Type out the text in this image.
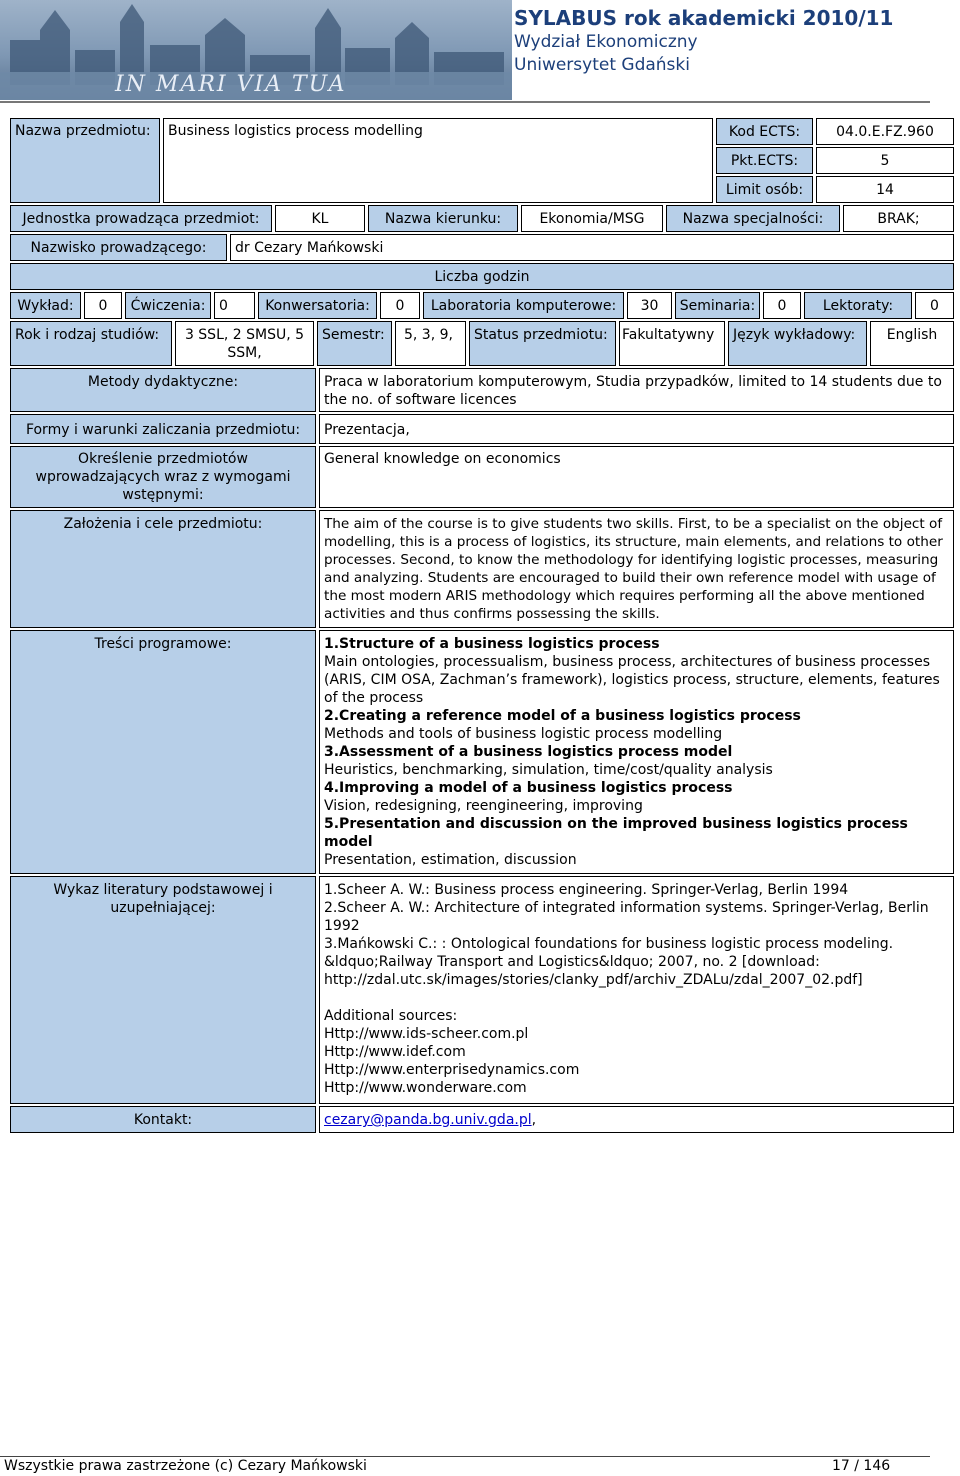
IN MARI VIA TUA
SYLABUS rok akademicki 2010/11
Wydział Ekonomiczny
Uniwersytet Gdański
Nazwa przedmiotu:	Business logistics process modelling	Kod ECTS:	04.0.E.FZ.960
Pkt.ECTS:	5
Limit osób:	14
Jednostka prowadząca przedmiot:	KL	Nazwa kierunku:	Ekonomia/MSG	Nazwa specjalności:	BRAK;
Nazwisko prowadzącego:	dr Cezary Mańkowski
Liczba godzin
Wykład:	0	Ćwiczenia: 0	Konwersatoria:	0	Laboratoria komputerowe:	30	Seminaria:	0	Lektoraty:	0
Rok i rodzaj studiów:	3 SSL, 2 SMSU, 5 SSM,
Semestr:	5, 3, 9,	Status przedmiotu:	Fakultatywny	Język wykładowy:	English
Metody dydaktyczne:	Praca w laboratorium komputerowym, Studia przypadków, limited to 14 students due to the no. of software licences
Formy i warunki zaliczania przedmiotu:	Prezentacja,
Określenie przedmiotów wprowadzających wraz z wymogami wstępnymi:
General knowledge on economics
Założenia i cele przedmiotu:	The aim of the course is to give students two skills. First, to be a specialist on the object of modelling, this is a process of logistics, its structure, main elements, and relations to other processes. Second, to know the methodology for identifying logistic processes, measuring and analyzing. Students are encouraged to build their own reference model with usage of the most modern ARIS methodology which requires performing all the above mentioned activities and thus confirms possessing the skills.
Treści programowe:	1.Structure of a business logistics process
Main ontologies, processualism, business process, architectures of business processes (ARIS, CIM OSA, Zachman’s framework), logistics process, structure, elements, features of the process
2.Creating a reference model of a business logistics process
Methods and tools of business logistic process modelling
3.Assessment of a business logistics process model
Heuristics, benchmarking, simulation, time/cost/quality analysis
4.Improving a model of a business logistics process
Vision, redesigning, reengineering, improving
5.Presentation and discussion on the improved business logistics process model
Presentation, estimation, discussion
Wykaz literatury podstawowej i uzupełniającej:
1.Scheer A. W.: Business process engineering. Springer-Verlag, Berlin 1994
2.Scheer A. W.: Architecture of integrated information systems. Springer-Verlag, Berlin 1992
3.Mańkowski C.: : Ontological foundations for business logistic process modeling. &ldquo;Railway Transport and Logistics&ldquo; 2007, no. 2 [download: http://zdal.utc.sk/images/stories/clanky_pdf/archiv_ZDALu/zdal_2007_02.pdf]
Additional sources:
Http://www.ids-scheer.com.pl
Http://www.idef.com
Http://www.enterprisedynamics.com
Http://www.wonderware.com
Kontakt:	cezary@panda.bg.univ.gda.pl,
Wszystkie prawa zastrzeżone (c) Cezary Mańkowski	17 / 146
